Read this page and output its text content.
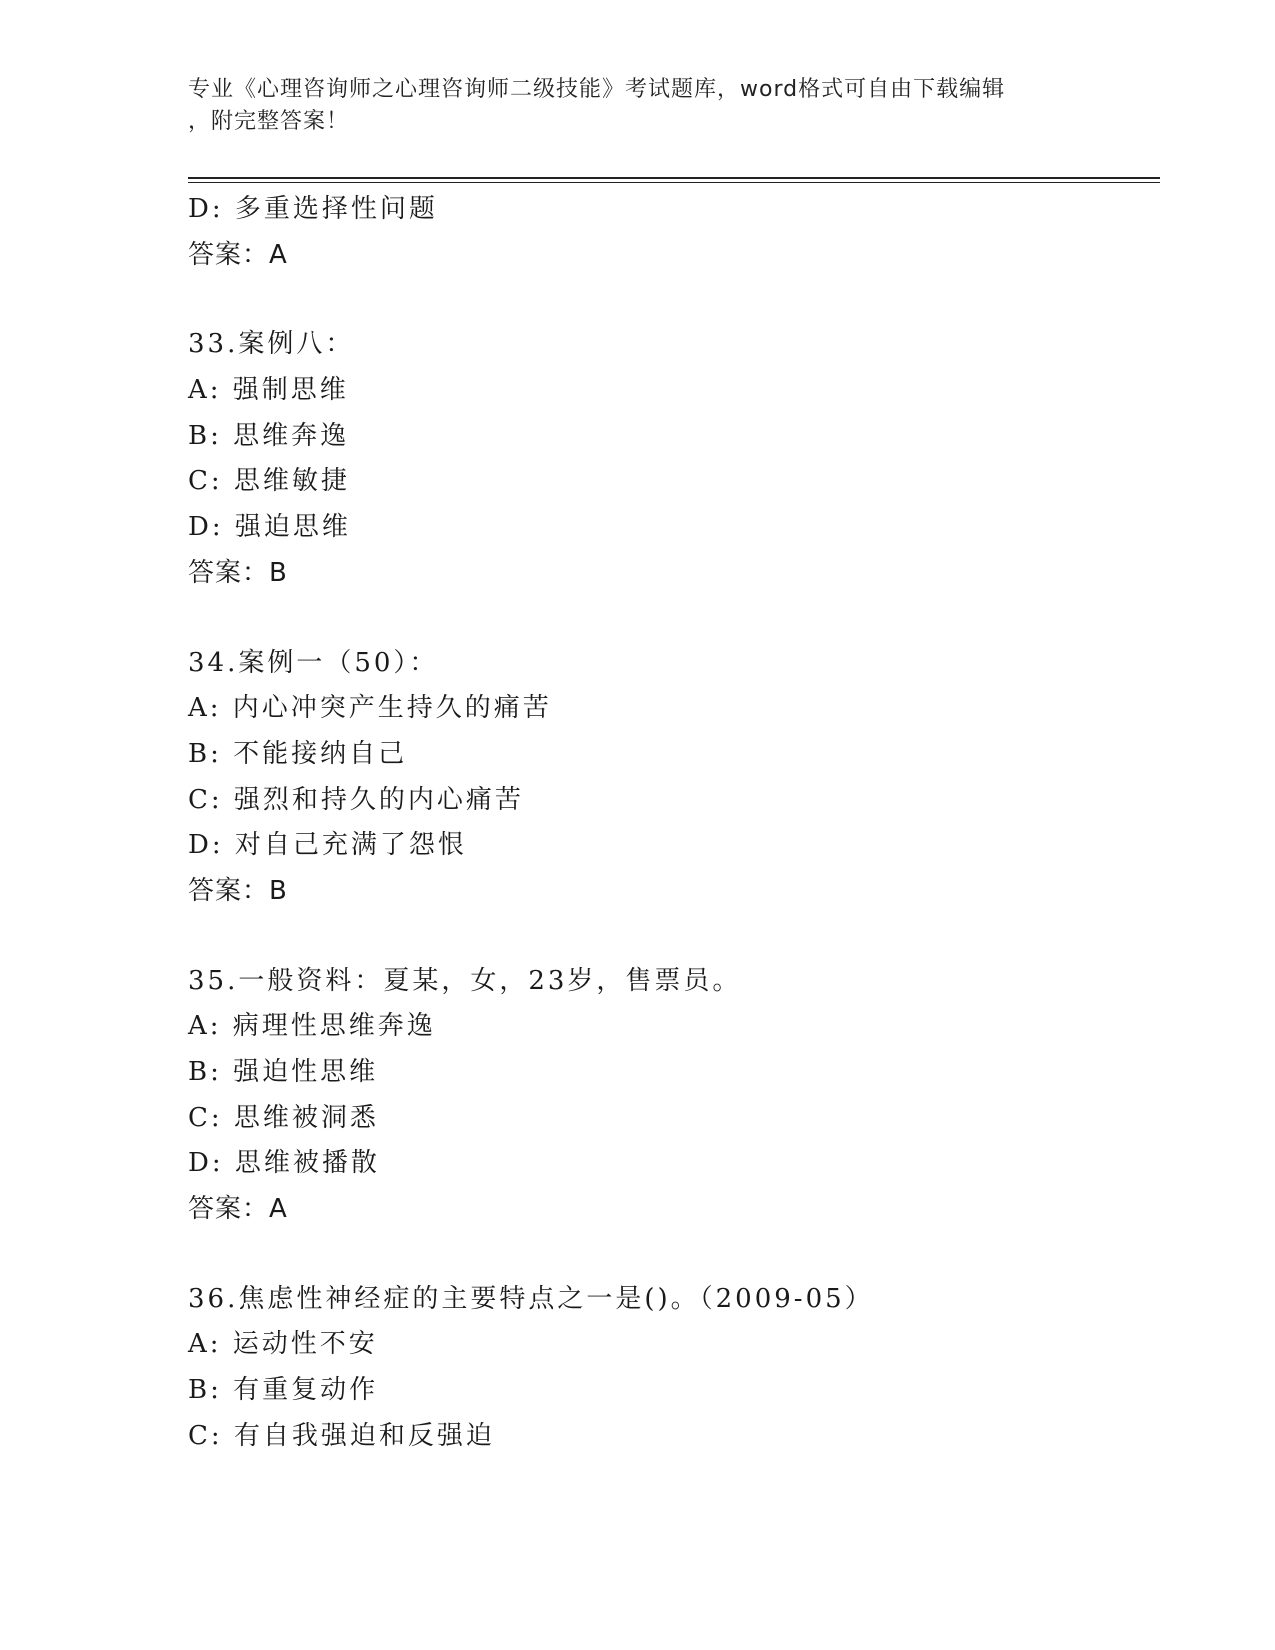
专业《心理咨询师之心理咨询师二级技能》考试题库，word格式可自由下载编辑
，附完整答案！
D: 多重选择性问题
答案：A
33.案例八：
A: 强制思维
B: 思维奔逸
C: 思维敏捷
D: 强迫思维
答案：B
34.案例一（50）：
A: 内心冲突产生持久的痛苦
B: 不能接纳自己
C: 强烈和持久的内心痛苦
D: 对自己充满了怨恨
答案：B
35.一般资料：夏某，女，23岁，售票员。
A: 病理性思维奔逸
B: 强迫性思维
C: 思维被洞悉
D: 思维被播散
答案：A
36.焦虑性神经症的主要特点之一是()。（2009-05）
A: 运动性不安
B: 有重复动作
C: 有自我强迫和反强迫
